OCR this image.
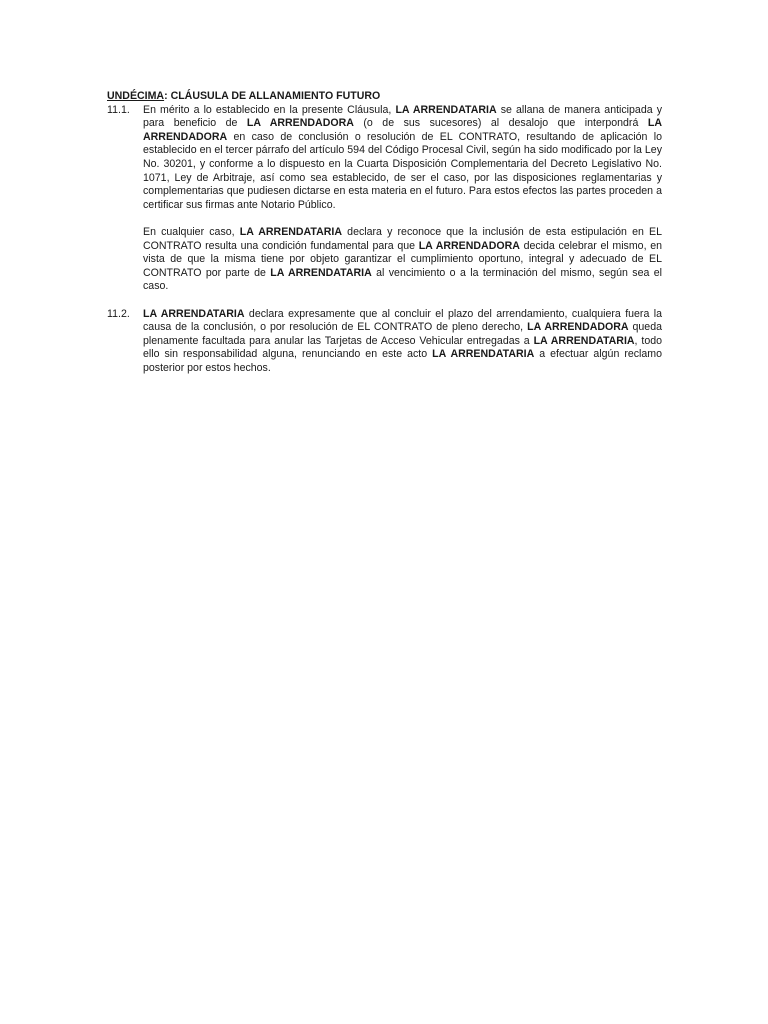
UNDÉCIMA: CLÁUSULA DE ALLANAMIENTO FUTURO

11.1.	En mérito a lo establecido en la presente Cláusula, LA ARRENDATARIA se allana de manera anticipada y para beneficio de LA ARRENDADORA (o de sus sucesores) al desalojo que interpondrá LA ARRENDADORA en caso de conclusión o resolución de EL CONTRATO, resultando de aplicación lo establecido en el tercer párrafo del artículo 594 del Código Procesal Civil, según ha sido modificado por la Ley No. 30201, y conforme a lo dispuesto en la Cuarta Disposición Complementaria del Decreto Legislativo No. 1071, Ley de Arbitraje, así como sea establecido, de ser el caso, por las disposiciones reglamentarias y complementarias que pudiesen dictarse en esta materia en el futuro. Para estos efectos las partes proceden a certificar sus firmas ante Notario Público.

En cualquier caso, LA ARRENDATARIA declara y reconoce que la inclusión de esta estipulación en EL CONTRATO resulta una condición fundamental para que LA ARRENDADORA decida celebrar el mismo, en vista de que la misma tiene por objeto garantizar el cumplimiento oportuno, integral y adecuado de EL CONTRATO por parte de LA ARRENDATARIA al vencimiento o a la terminación del mismo, según sea el caso.

11.2.	LA ARRENDATARIA declara expresamente que al concluir el plazo del arrendamiento, cualquiera fuera la causa de la conclusión, o por resolución de EL CONTRATO de pleno derecho, LA ARRENDADORA queda plenamente facultada para anular las Tarjetas de Acceso Vehicular entregadas a LA ARRENDATARIA, todo ello sin responsabilidad alguna, renunciando en este acto LA ARRENDATARIA a efectuar algún reclamo posterior por estos hechos.
